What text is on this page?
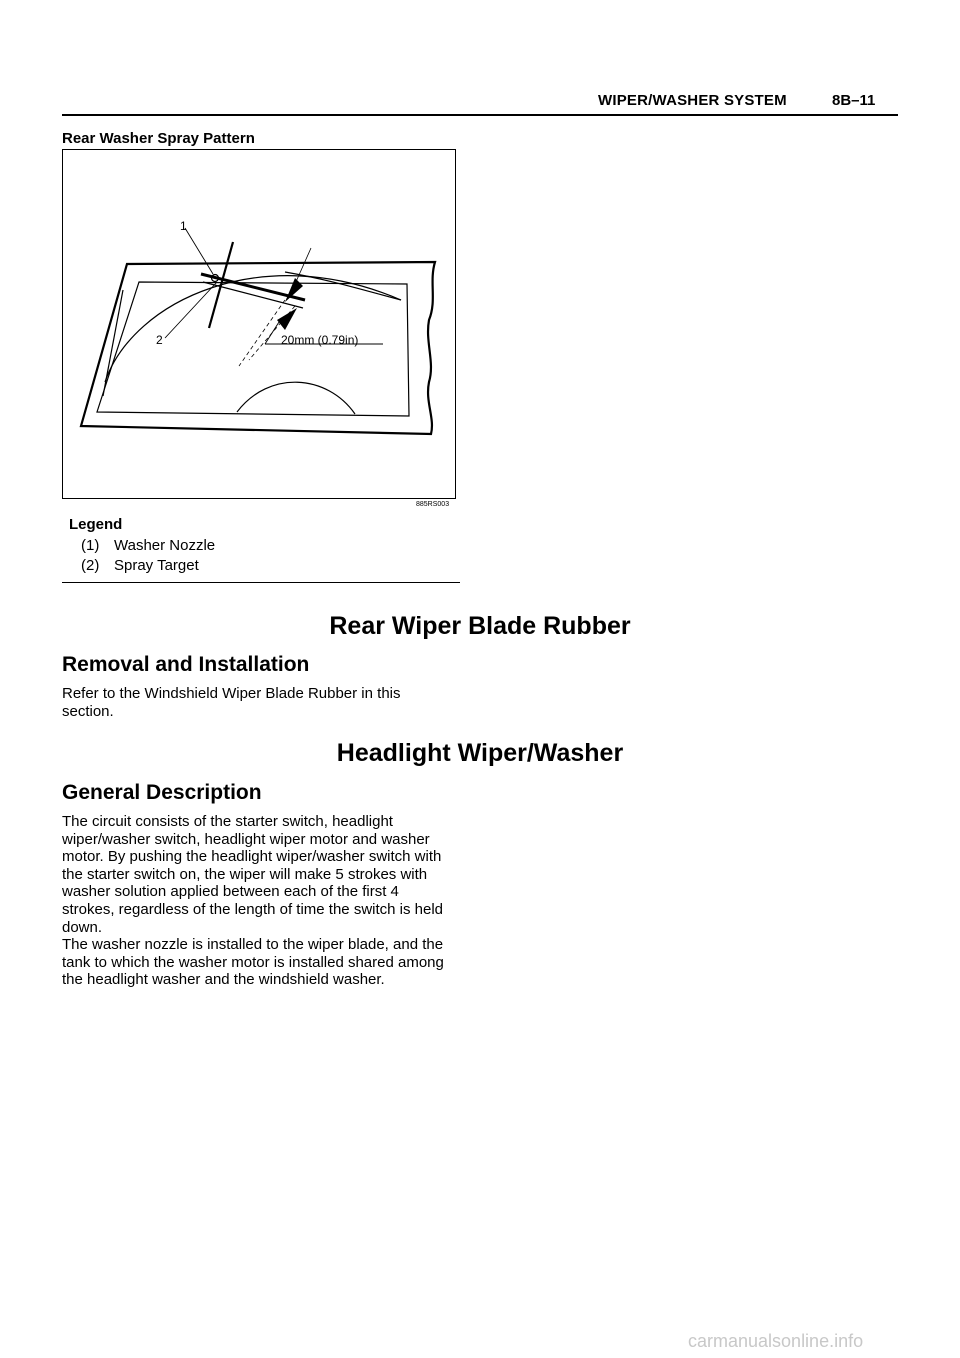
WIPER/WASHER SYSTEM	8B–11
Rear Washer Spray Pattern
1
2	20mm (0.79in)
885RS003
Legend
(1) Washer Nozzle
(2) Spray Target
Rear Wiper Blade Rubber
Removal and Installation

Refer to the Windshield Wiper Blade Rubber in this

section.

Headlight Wiper/Washer
General Description

The circuit consists of the starter switch, headlight

wiper/washer switch, headlight wiper motor and washer

motor. By pushing the headlight wiper/washer switch with

the starter switch on, the wiper will make 5 strokes with

washer solution applied between each of the first 4

strokes, regardless of the length of time the switch is held

down.

The washer nozzle is installed to the wiper blade, and the

tank to which the washer motor is installed shared among

the headlight washer and the windshield washer.

carmanualsonline.info
